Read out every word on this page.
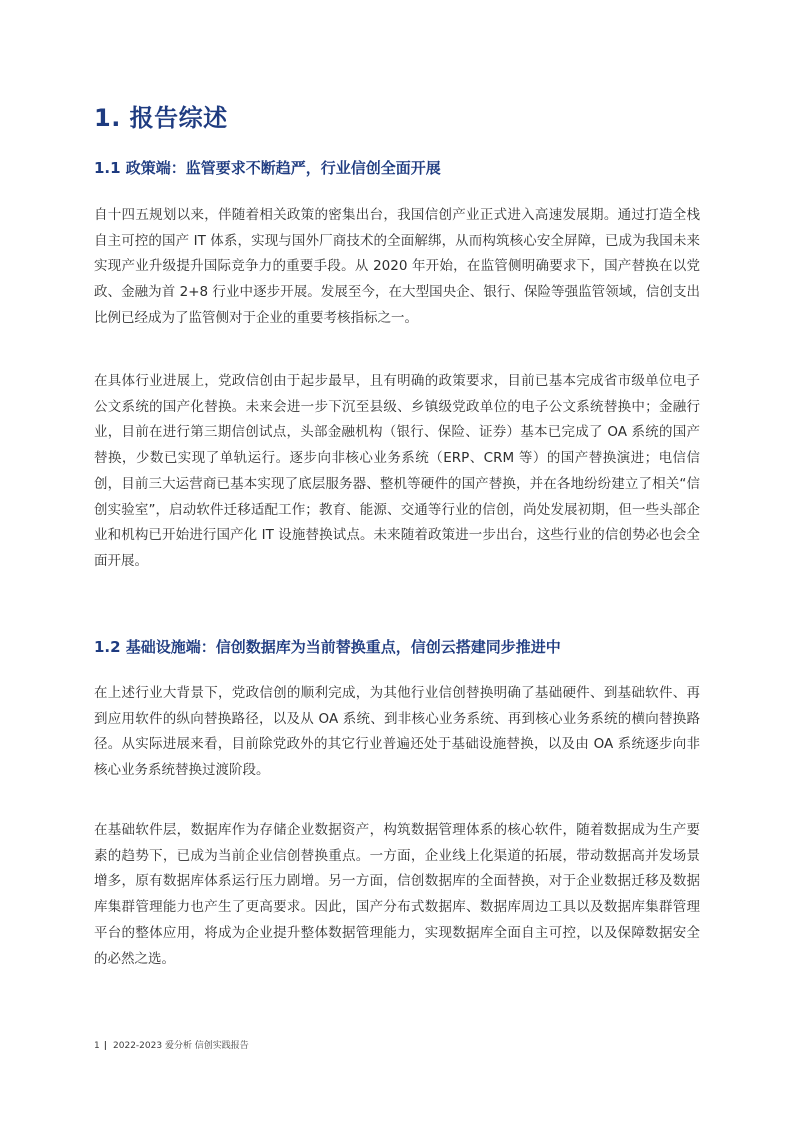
1. 报告综述
1.1 政策端：监管要求不断趋严，行业信创全面开展
自十四五规划以来，伴随着相关政策的密集出台，我国信创产业正式进入高速发展期。通过打造全栈自主可控的国产 IT 体系，实现与国外厂商技术的全面解绑，从而构筑核心安全屏障，已成为我国未来实现产业升级提升国际竞争力的重要手段。从 2020 年开始，在监管侧明确要求下，国产替换在以党政、金融为首 2+8 行业中逐步开展。发展至今，在大型国央企、银行、保险等强监管领域，信创支出比例已经成为了监管侧对于企业的重要考核指标之一。
在具体行业进展上，党政信创由于起步最早，且有明确的政策要求，目前已基本完成省市级单位电子公文系统的国产化替换。未来会进一步下沉至县级、乡镇级党政单位的电子公文系统替换中；金融行业，目前在进行第三期信创试点，头部金融机构（银行、保险、证券）基本已完成了 OA 系统的国产替换，少数已实现了单轨运行。逐步向非核心业务系统（ERP、CRM 等）的国产替换演进；电信信创，目前三大运营商已基本实现了底层服务器、整机等硬件的国产替换，并在各地纷纷建立了相关“信创实验室”，启动软件迁移适配工作；教育、能源、交通等行业的信创，尚处发展初期，但一些头部企业和机构已开始进行国产化 IT 设施替换试点。未来随着政策进一步出台，这些行业的信创势必也会全面开展。
1.2 基础设施端：信创数据库为当前替换重点，信创云搭建同步推进中
在上述行业大背景下，党政信创的顺利完成，为其他行业信创替换明确了基础硬件、到基础软件、再到应用软件的纵向替换路径，以及从 OA 系统、到非核心业务系统、再到核心业务系统的横向替换路径。从实际进展来看，目前除党政外的其它行业普遍还处于基础设施替换，以及由 OA 系统逐步向非核心业务系统替换过渡阶段。
在基础软件层，数据库作为存储企业数据资产，构筑数据管理体系的核心软件，随着数据成为生产要素的趋势下，已成为当前企业信创替换重点。一方面，企业线上化渠道的拓展，带动数据高并发场景增多，原有数据库体系运行压力剧增。另一方面，信创数据库的全面替换，对于企业数据迁移及数据库集群管理能力也产生了更高要求。因此，国产分布式数据库、数据库周边工具以及数据库集群管理平台的整体应用，将成为企业提升整体数据管理能力，实现数据库全面自主可控，以及保障数据安全的必然之选。
1 | 2022-2023 爱分析 信创实践报告
